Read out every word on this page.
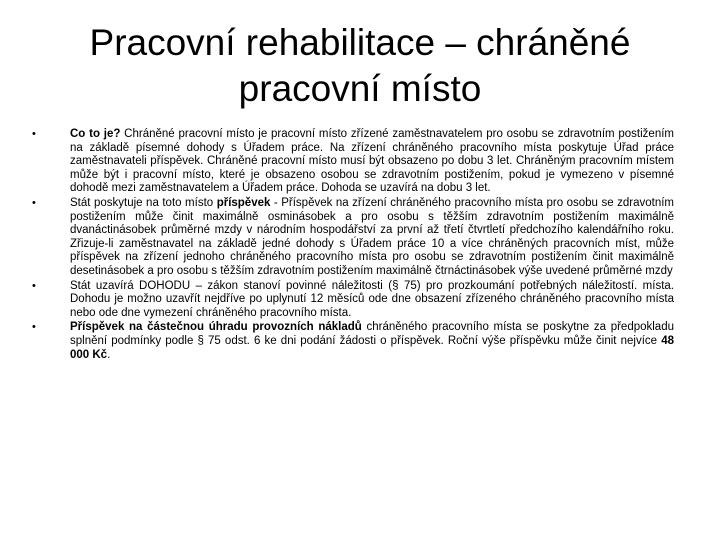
Pracovní rehabilitace – chráněné
pracovní místo
•	Co to je? Chráněné pracovní místo je pracovní místo zřízené zaměstnavatelem pro osobu se zdravotním postižením na základě písemné dohody s Úřadem práce. Na zřízení chráněného pracovního místa poskytuje Úřad práce zaměstnavateli příspěvek. Chráněné pracovní místo musí být obsazeno po dobu 3 let. Chráněným pracovním místem může být i pracovní místo, které je obsazeno osobou se zdravotním postižením, pokud je vymezeno v písemné dohodě mezi zaměstnavatelem a Úřadem práce. Dohoda se uzavírá na dobu 3 let.
•	Stát poskytuje na toto místo příspěvek - Příspěvek na zřízení chráněného pracovního místa pro osobu se zdravotním postižením může činit maximálně osminásobek a pro osobu s těžším zdravotním postižením maximálně dvanáctinásobek průměrné mzdy v národním hospodářství za první až třetí čtvrtletí předchozího kalendářního roku. Zřizuje-li zaměstnavatel na základě jedné dohody s Úřadem práce 10 a více chráněných pracovních míst, může příspěvek na zřízení jednoho chráněného pracovního místa pro osobu se zdravotním postižením činit maximálně desetinásobek a pro osobu s těžším zdravotním postižením maximálně čtrnáctinásobek výše uvedené průměrné mzdy
•	Stát uzavírá DOHODU – zákon stanoví povinné náležitosti (§ 75) pro prozkoumání potřebných náležitostí. místa. Dohodu je možno uzavřít nejdříve po uplynutí 12 měsíců ode dne obsazení zřízeného chráněného pracovního místa nebo ode dne vymezení chráněného pracovního místa.
•	Příspěvek na částečnou úhradu provozních nákladů chráněného pracovního místa se poskytne za předpokladu splnění podmínky podle § 75 odst. 6 ke dni podání žádosti o příspěvek. Roční výše příspěvku může činit nejvíce 48 000 Kč.
